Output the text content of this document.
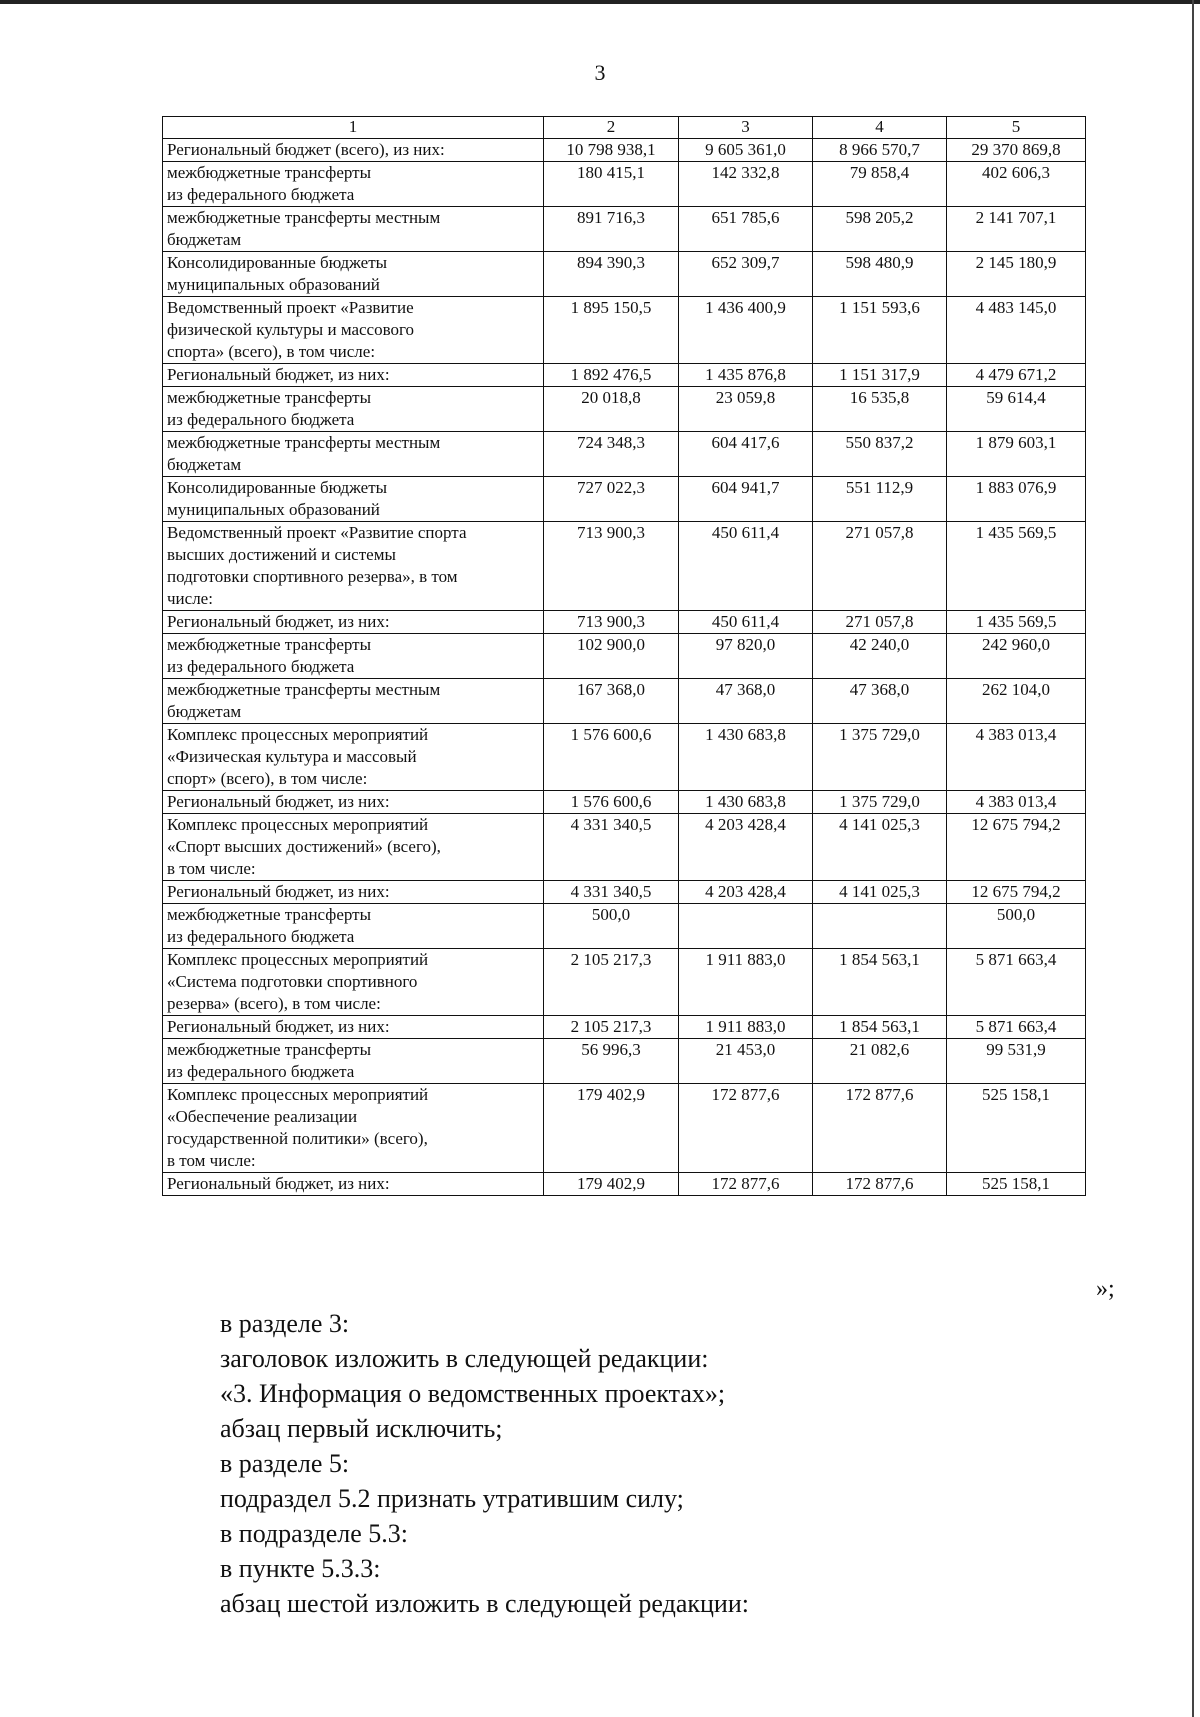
3
1	2	3	4	5
Региональный бюджет (всего), из них:	10 798 938,1	9 605 361,0	8 966 570,7	29 370 869,8
межбюджетные трансферты
из федерального бюджета	180 415,1	142 332,8	79 858,4	402 606,3
межбюджетные трансферты местным
бюджетам	891 716,3	651 785,6	598 205,2	2 141 707,1
Консолидированные бюджеты
муниципальных образований	894 390,3	652 309,7	598 480,9	2 145 180,9
Ведомственный проект «Развитие
физической культуры и массового
спорта» (всего), в том числе:	1 895 150,5	1 436 400,9	1 151 593,6	4 483 145,0
Региональный бюджет, из них:	1 892 476,5	1 435 876,8	1 151 317,9	4 479 671,2
межбюджетные трансферты
из федерального бюджета	20 018,8	23 059,8	16 535,8	59 614,4
межбюджетные трансферты местным
бюджетам	724 348,3	604 417,6	550 837,2	1 879 603,1
Консолидированные бюджеты
муниципальных образований	727 022,3	604 941,7	551 112,9	1 883 076,9
Ведомственный проект «Развитие спорта
высших достижений и системы
подготовки спортивного резерва», в том
числе:	713 900,3	450 611,4	271 057,8	1 435 569,5
Региональный бюджет, из них:	713 900,3	450 611,4	271 057,8	1 435 569,5
межбюджетные трансферты
из федерального бюджета	102 900,0	97 820,0	42 240,0	242 960,0
межбюджетные трансферты местным
бюджетам	167 368,0	47 368,0	47 368,0	262 104,0
Комплекс процессных мероприятий
«Физическая культура и массовый
спорт» (всего), в том числе:	1 576 600,6	1 430 683,8	1 375 729,0	4 383 013,4
Региональный бюджет, из них:	1 576 600,6	1 430 683,8	1 375 729,0	4 383 013,4
Комплекс процессных мероприятий
«Спорт высших достижений» (всего),
в том числе:	4 331 340,5	4 203 428,4	4 141 025,3	12 675 794,2
Региональный бюджет, из них:	4 331 340,5	4 203 428,4	4 141 025,3	12 675 794,2
межбюджетные трансферты
из федерального бюджета	500,0			500,0
Комплекс процессных мероприятий
«Система подготовки спортивного
резерва» (всего), в том числе:	2 105 217,3	1 911 883,0	1 854 563,1	5 871 663,4
Региональный бюджет, из них:	2 105 217,3	1 911 883,0	1 854 563,1	5 871 663,4
межбюджетные трансферты
из федерального бюджета	56 996,3	21 453,0	21 082,6	99 531,9
Комплекс процессных мероприятий
«Обеспечение реализации
государственной политики» (всего),
в том числе:	179 402,9	172 877,6	172 877,6	525 158,1
Региональный бюджет, из них:	179 402,9	172 877,6	172 877,6	525 158,1
»;
в разделе 3:
заголовок изложить в следующей редакции:
«3. Информация о ведомственных проектах»;
абзац первый исключить;
в разделе 5:
подраздел 5.2 признать утратившим силу;
в подразделе 5.3:
в пункте 5.3.3:
абзац шестой изложить в следующей редакции:
